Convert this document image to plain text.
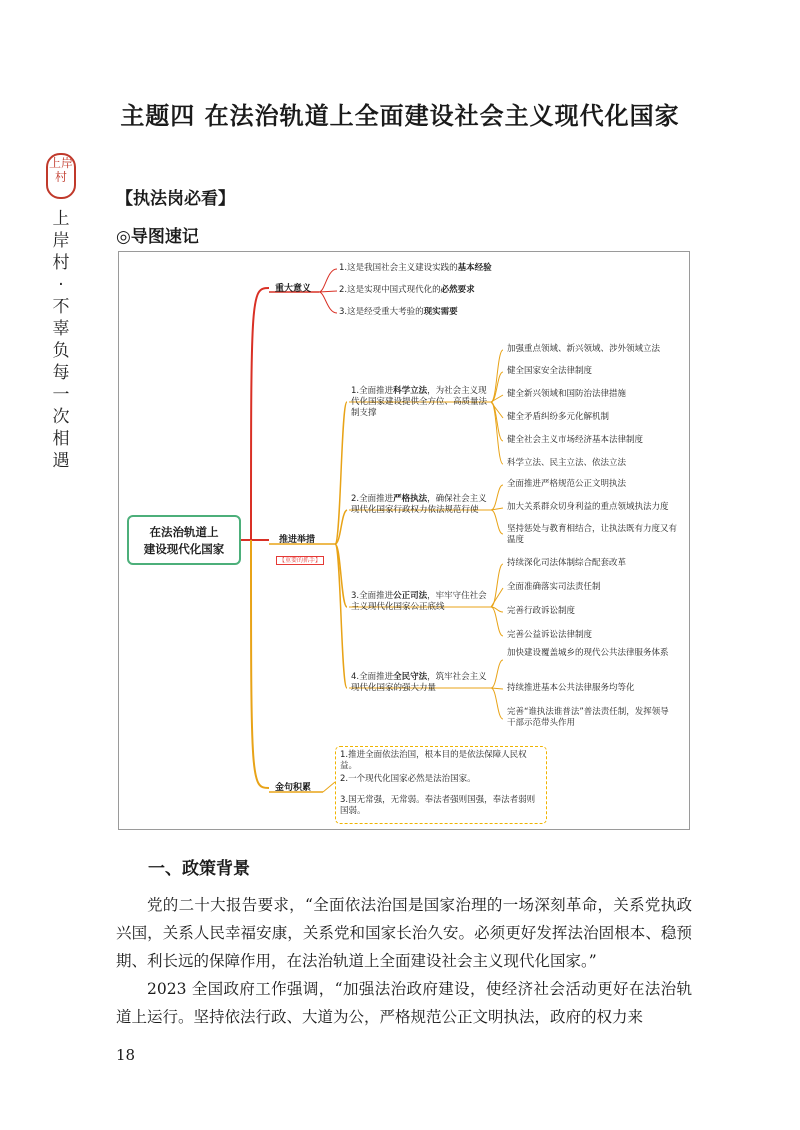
主题四 在法治轨道上全面建设社会主义现代化国家
上岸村
上
岸
村
·
不
辜
负
每
一
次
相
遇
【执法岗必看】
◎导图速记
在法治轨道上
建设现代化国家
重大意义
1.这是我国社会主义建设实践的基本经验
2.这是实现中国式现代化的必然要求
3.这是经受重大考验的现实需要
推进举措
【重要的抓手】
1.全面推进科学立法，为社会主义现代化国家建设提供全方位、高质量法制支撑
2.全面推进严格执法，确保社会主义现代化国家行政权力依法规范行使
3.全面推进公正司法，牢牢守住社会主义现代化国家公正底线
4.全面推进全民守法，筑牢社会主义现代化国家的强大力量
加强重点领域、新兴领域、涉外领域立法
健全国家安全法律制度
健全新兴领域和国防治法律措施
健全矛盾纠纷多元化解机制
健全社会主义市场经济基本法律制度
科学立法、民主立法、依法立法
全面推进严格规范公正文明执法
加大关系群众切身利益的重点领域执法力度
坚持惩处与教育相结合，让执法既有力度又有温度
持续深化司法体制综合配套改革
全面准确落实司法责任制
完善行政诉讼制度
完善公益诉讼法律制度
加快建设覆盖城乡的现代公共法律服务体系
持续推进基本公共法律服务均等化
完善“谁执法谁普法”普法责任制，发挥领导干部示范带头作用
金句积累
1.推进全面依法治国，根本目的是依法保障人民权益。
2.一个现代化国家必然是法治国家。
3.国无常强，无常弱。奉法者强则国强，奉法者弱则国弱。
一、政策背景
党的二十大报告要求，“全面依法治国是国家治理的一场深刻革命，关系党执政兴国，关系人民幸福安康，关系党和国家长治久安。必须更好发挥法治固根本、稳预期、利长远的保障作用，在法治轨道上全面建设社会主义现代化国家。”
2023 全国政府工作强调，“加强法治政府建设，使经济社会活动更好在法治轨道上运行。坚持依法行政、大道为公，严格规范公正文明执法，政府的权力来
18
